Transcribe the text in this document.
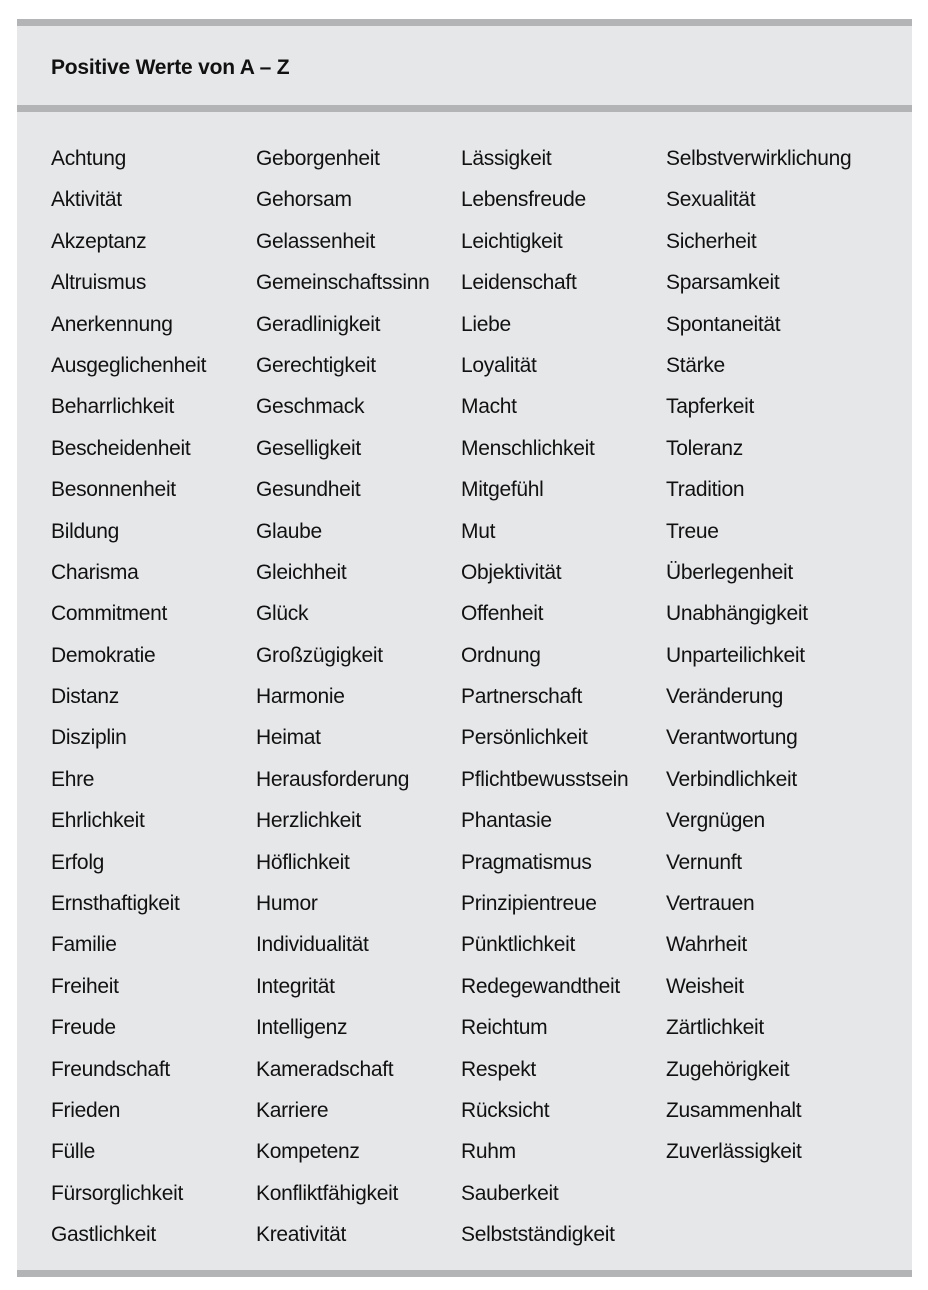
Positive Werte von A – Z
Achtung
Aktivität
Akzeptanz
Altruismus
Anerkennung
Ausgeglichenheit
Beharrlichkeit
Bescheidenheit
Besonnenheit
Bildung
Charisma
Commitment
Demokratie
Distanz
Disziplin
Ehre
Ehrlichkeit
Erfolg
Ernsthaftigkeit
Familie
Freiheit
Freude
Freundschaft
Frieden
Fülle
Fürsorglichkeit
Gastlichkeit
Geborgenheit
Gehorsam
Gelassenheit
Gemeinschaftssinn
Geradlinigkeit
Gerechtigkeit
Geschmack
Geselligkeit
Gesundheit
Glaube
Gleichheit
Glück
Großzügigkeit
Harmonie
Heimat
Herausforderung
Herzlichkeit
Höflichkeit
Humor
Individualität
Integrität
Intelligenz
Kameradschaft
Karriere
Kompetenz
Konfliktfähigkeit
Kreativität
Lässigkeit
Lebensfreude
Leichtigkeit
Leidenschaft
Liebe
Loyalität
Macht
Menschlichkeit
Mitgefühl
Mut
Objektivität
Offenheit
Ordnung
Partnerschaft
Persönlichkeit
Pflichtbewusstsein
Phantasie
Pragmatismus
Prinzipientreue
Pünktlichkeit
Redegewandtheit
Reichtum
Respekt
Rücksicht
Ruhm
Sauberkeit
Selbstständigkeit
Selbstverwirklichung
Sexualität
Sicherheit
Sparsamkeit
Spontaneität
Stärke
Tapferkeit
Toleranz
Tradition
Treue
Überlegenheit
Unabhängigkeit
Unparteilichkeit
Veränderung
Verantwortung
Verbindlichkeit
Vergnügen
Vernunft
Vertrauen
Wahrheit
Weisheit
Zärtlichkeit
Zugehörigkeit
Zusammenhalt
Zuverlässigkeit
